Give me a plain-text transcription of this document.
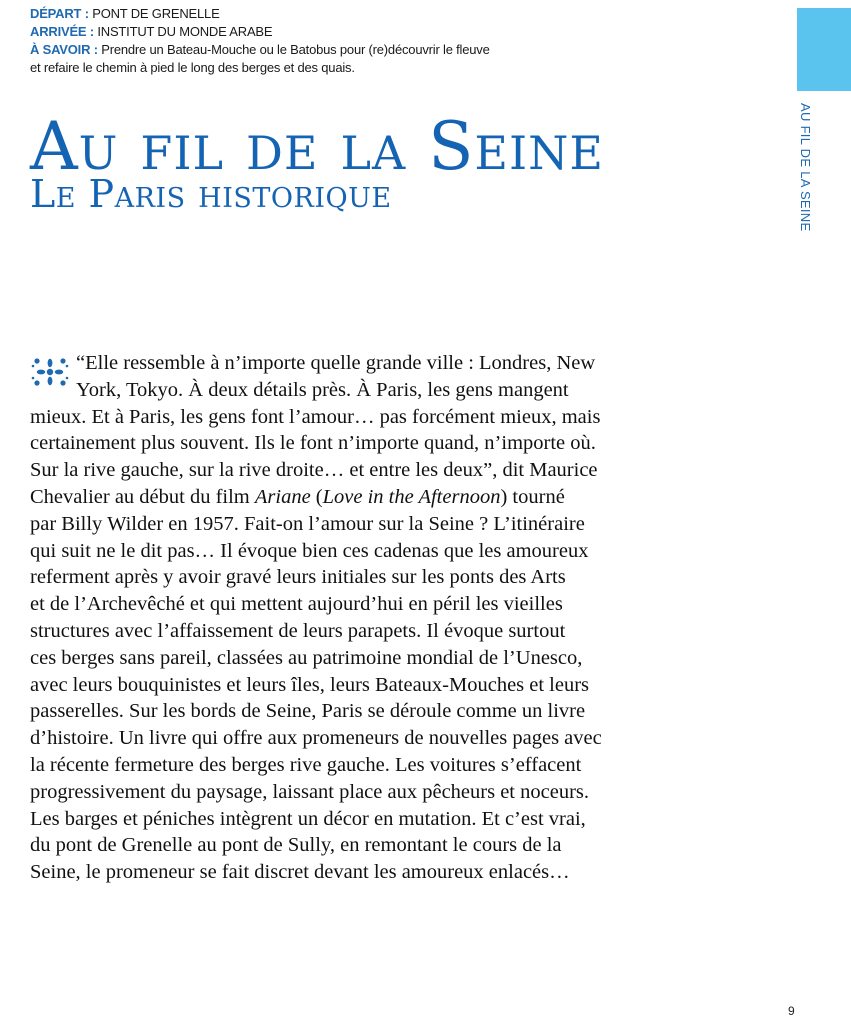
DÉPART : PONT DE GRENELLE
ARRIVÉE : INSTITUT DU MONDE ARABE
À SAVOIR : Prendre un Bateau-Mouche ou le Batobus pour (re)découvrir le fleuve
et refaire le chemin à pied le long des berges et des quais.
Au fil de la Seine
Le Paris historique	AU FIL DE LA SEINE
“Elle ressemble à n’importe quelle grande ville : Londres, New
York, Tokyo. À deux détails près. À Paris, les gens mangent
mieux. Et à Paris, les gens font l’amour… pas forcément mieux, mais
certainement plus souvent. Ils le font n’importe quand, n’importe où.
Sur la rive gauche, sur la rive droite… et entre les deux”, dit Maurice
Chevalier au début du film Ariane (Love in the Afternoon) tourné
par Billy Wilder en 1957. Fait-on l’amour sur la Seine ? L’itinéraire
qui suit ne le dit pas… Il évoque bien ces cadenas que les amoureux
referment après y avoir gravé leurs initiales sur les ponts des Arts
et de l’Archevêché et qui mettent aujourd’hui en péril les vieilles
structures avec l’affaissement de leurs parapets. Il évoque surtout
ces berges sans pareil, classées au patrimoine mondial de l’Unesco,
avec leurs bouquinistes et leurs îles, leurs Bateaux-Mouches et leurs
passerelles. Sur les bords de Seine, Paris se déroule comme un livre
d’histoire. Un livre qui offre aux promeneurs de nouvelles pages avec
la récente fermeture des berges rive gauche. Les voitures s’effacent
progressivement du paysage, laissant place aux pêcheurs et noceurs.
Les barges et péniches intègrent un décor en mutation. Et c’est vrai,
du pont de Grenelle au pont de Sully, en remontant le cours de la
Seine, le promeneur se fait discret devant les amoureux enlacés…
9
